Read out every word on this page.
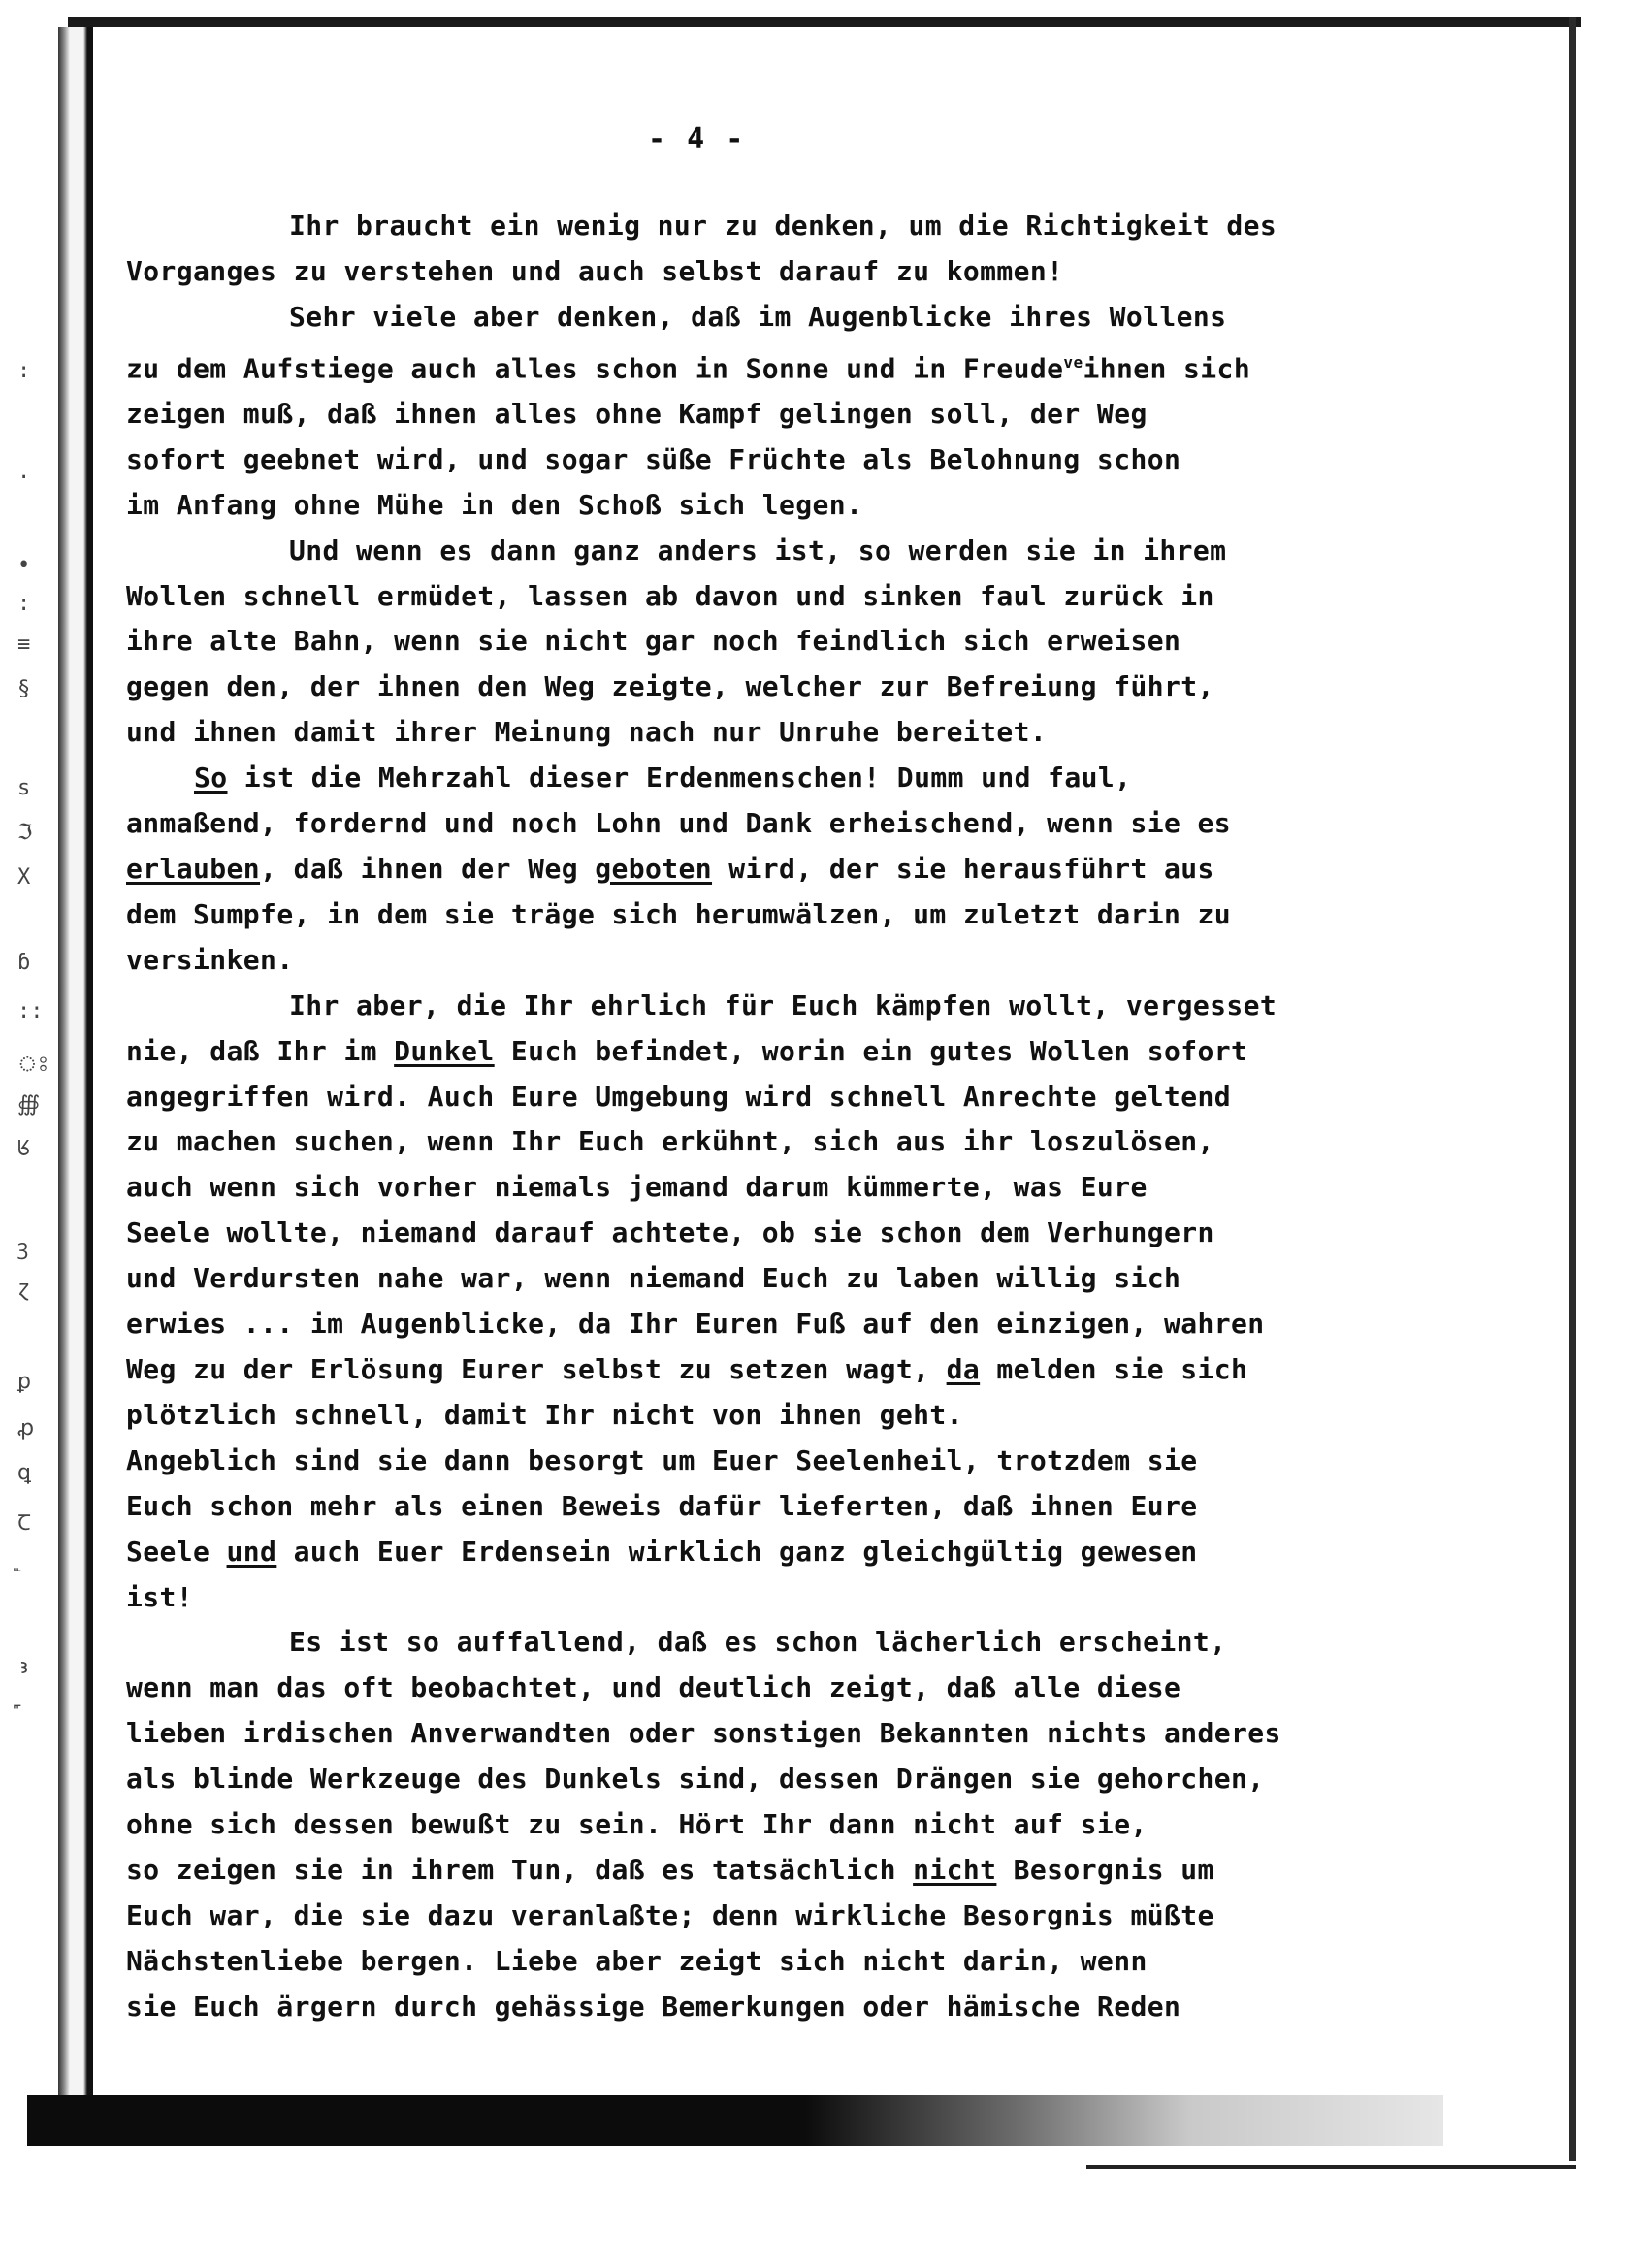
:
·
•
:
≡
§
s
ℑ
X
ɓ
::
ঃ
∰
ᖉ
ꝫ
ɀ
ꝑ
ꝓ
ꝗ
Ꞇ
ꜣ
- 4 -
Ihr braucht ein wenig nur zu denken, um die Richtigkeit des
Vorganges zu verstehen und auch selbst darauf zu kommen!
Sehr viele aber denken, daß im Augenblicke ihres Wollens
zu dem Aufstiege auch alles schon in Sonne und in Freude$^{ve}$ihnen sich
zeigen muß, daß ihnen alles ohne Kampf gelingen soll, der Weg
sofort geebnet wird, und sogar süße Früchte als Belohnung schon
im Anfang ohne Mühe in den Schoß sich legen.
Und wenn es dann ganz anders ist, so werden sie in ihrem
Wollen schnell ermüdet, lassen ab davon und sinken faul zurück in
ihre alte Bahn, wenn sie nicht gar noch feindlich sich erweisen
gegen den, der ihnen den Weg zeigte, welcher zur Befreiung führt,
und ihnen damit ihrer Meinung nach nur Unruhe bereitet.
So ist die Mehrzahl dieser Erdenmenschen! Dumm und faul,
anmaßend, fordernd und noch Lohn und Dank erheischend, wenn sie es
erlauben, daß ihnen der Weg geboten wird, der sie herausführt aus
dem Sumpfe, in dem sie träge sich herumwälzen, um zuletzt darin zu
versinken.
Ihr aber, die Ihr ehrlich für Euch kämpfen wollt, vergesset
nie, daß Ihr im Dunkel Euch befindet, worin ein gutes Wollen sofort
angegriffen wird. Auch Eure Umgebung wird schnell Anrechte geltend
zu machen suchen, wenn Ihr Euch erkühnt, sich aus ihr loszulösen,
auch wenn sich vorher niemals jemand darum kümmerte, was Eure
Seele wollte, niemand darauf achtete, ob sie schon dem Verhungern
und Verdursten nahe war, wenn niemand Euch zu laben willig sich
erwies ... im Augenblicke, da Ihr Euren Fuß auf den einzigen, wahren
Weg zu der Erlösung Eurer selbst zu setzen wagt, da melden sie sich
plötzlich schnell, damit Ihr nicht von ihnen geht.
Angeblich sind sie dann besorgt um Euer Seelenheil, trotzdem sie
Euch schon mehr als einen Beweis dafür lieferten, daß ihnen Eure
Seele und auch Euer Erdensein wirklich ganz gleichgültig gewesen
ist!
Es ist so auffallend, daß es schon lächerlich erscheint,
wenn man das oft beobachtet, und deutlich zeigt, daß alle diese
lieben irdischen Anverwandten oder sonstigen Bekannten nichts anderes
als blinde Werkzeuge des Dunkels sind, dessen Drängen sie gehorchen,
ohne sich dessen bewußt zu sein. Hört Ihr dann nicht auf sie,
so zeigen sie in ihrem Tun, daß es tatsächlich nicht Besorgnis um
Euch war, die sie dazu veranlaßte; denn wirkliche Besorgnis müßte
Nächstenliebe bergen. Liebe aber zeigt sich nicht darin, wenn
sie Euch ärgern durch gehässige Bemerkungen oder hämische Reden
